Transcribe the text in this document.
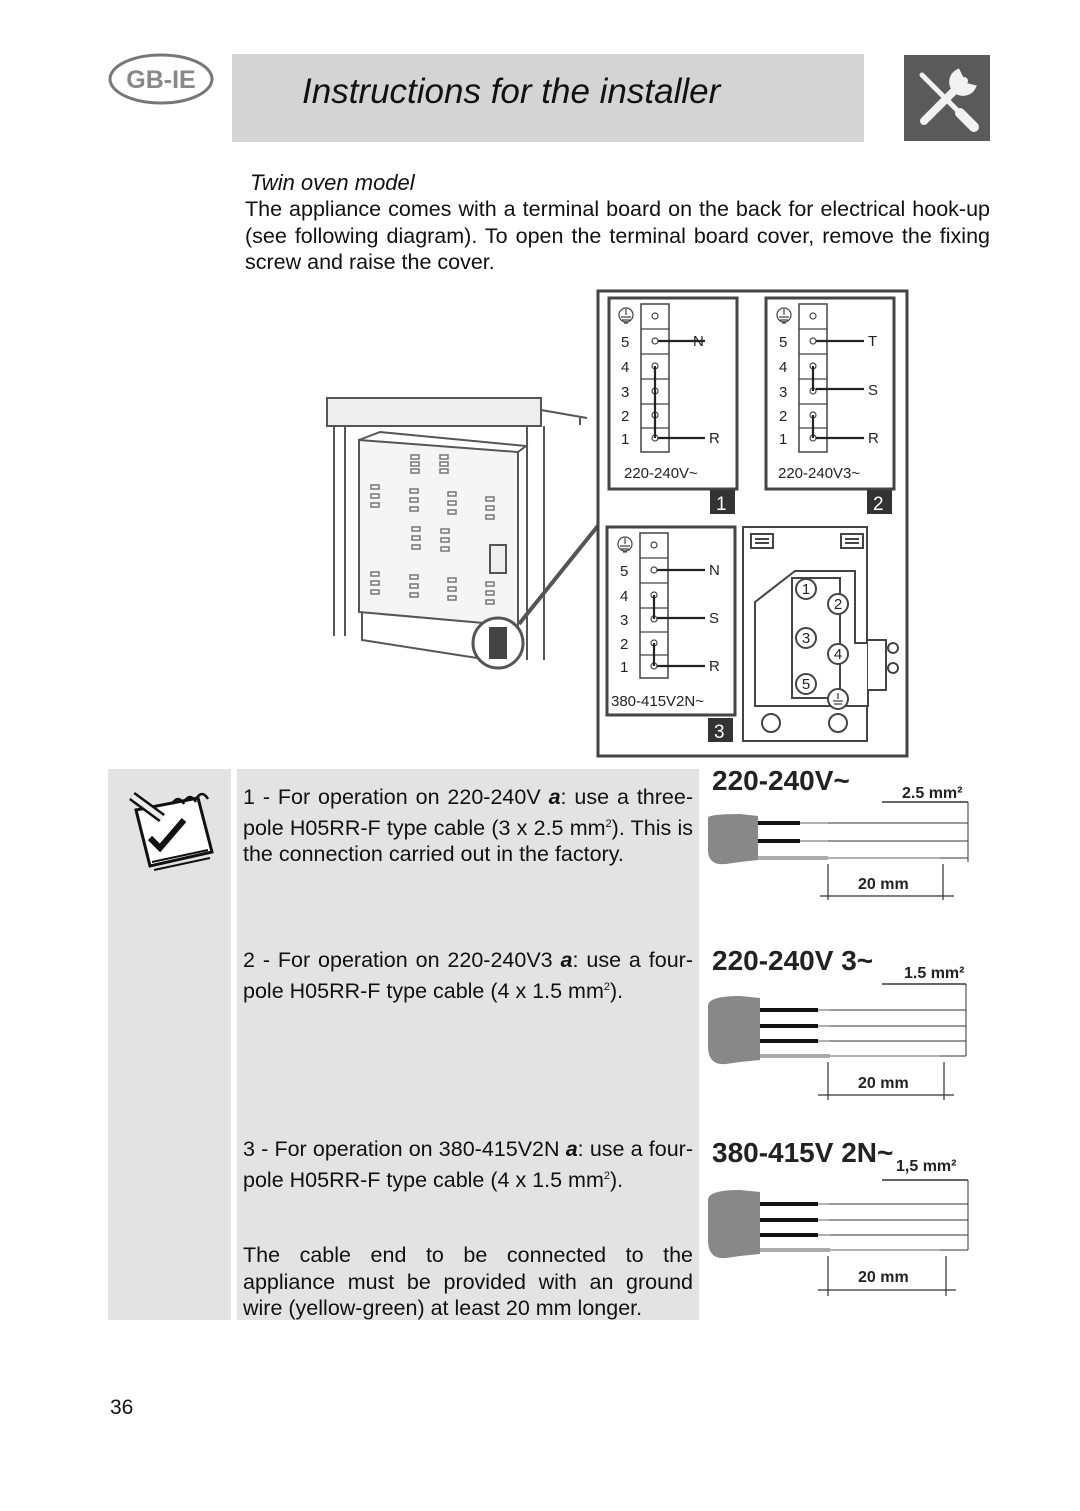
GB-IE	Instructions for the installer
Twin oven model
The appliance comes with a terminal board on the back for electrical hook-up (see following diagram). To open the terminal board cover, remove the fixing screw and raise the cover.
5
4
3
2
1
N
R
220-240V~
1
5
4
3
2
1
T
S
R
220-240V3~
2
5
4
3
2
1
N
S
R
380-415V2N~
3
1
2
3
4
5
1 - For operation on 220-240V a: use a three-pole H05RR-F type cable (3 x 2.5 $mm^2$). This is the connection carried out in the factory.
2 - For operation on 220-240V3 a: use a four-pole H05RR-F type cable (4 x 1.5 $mm^2$).
3 - For operation on 380-415V2N a: use a four-pole H05RR-F type cable (4 x 1.5 $mm^2$).
The cable end to be connected to the appliance must be provided with an ground wire (yellow-green) at least 20 mm longer.
220-240V~	2.5 mm²
20 mm
220-240V 3~ 1.5 mm²
20 mm
380-415V 2N~ 1,5 mm²
20 mm
36
